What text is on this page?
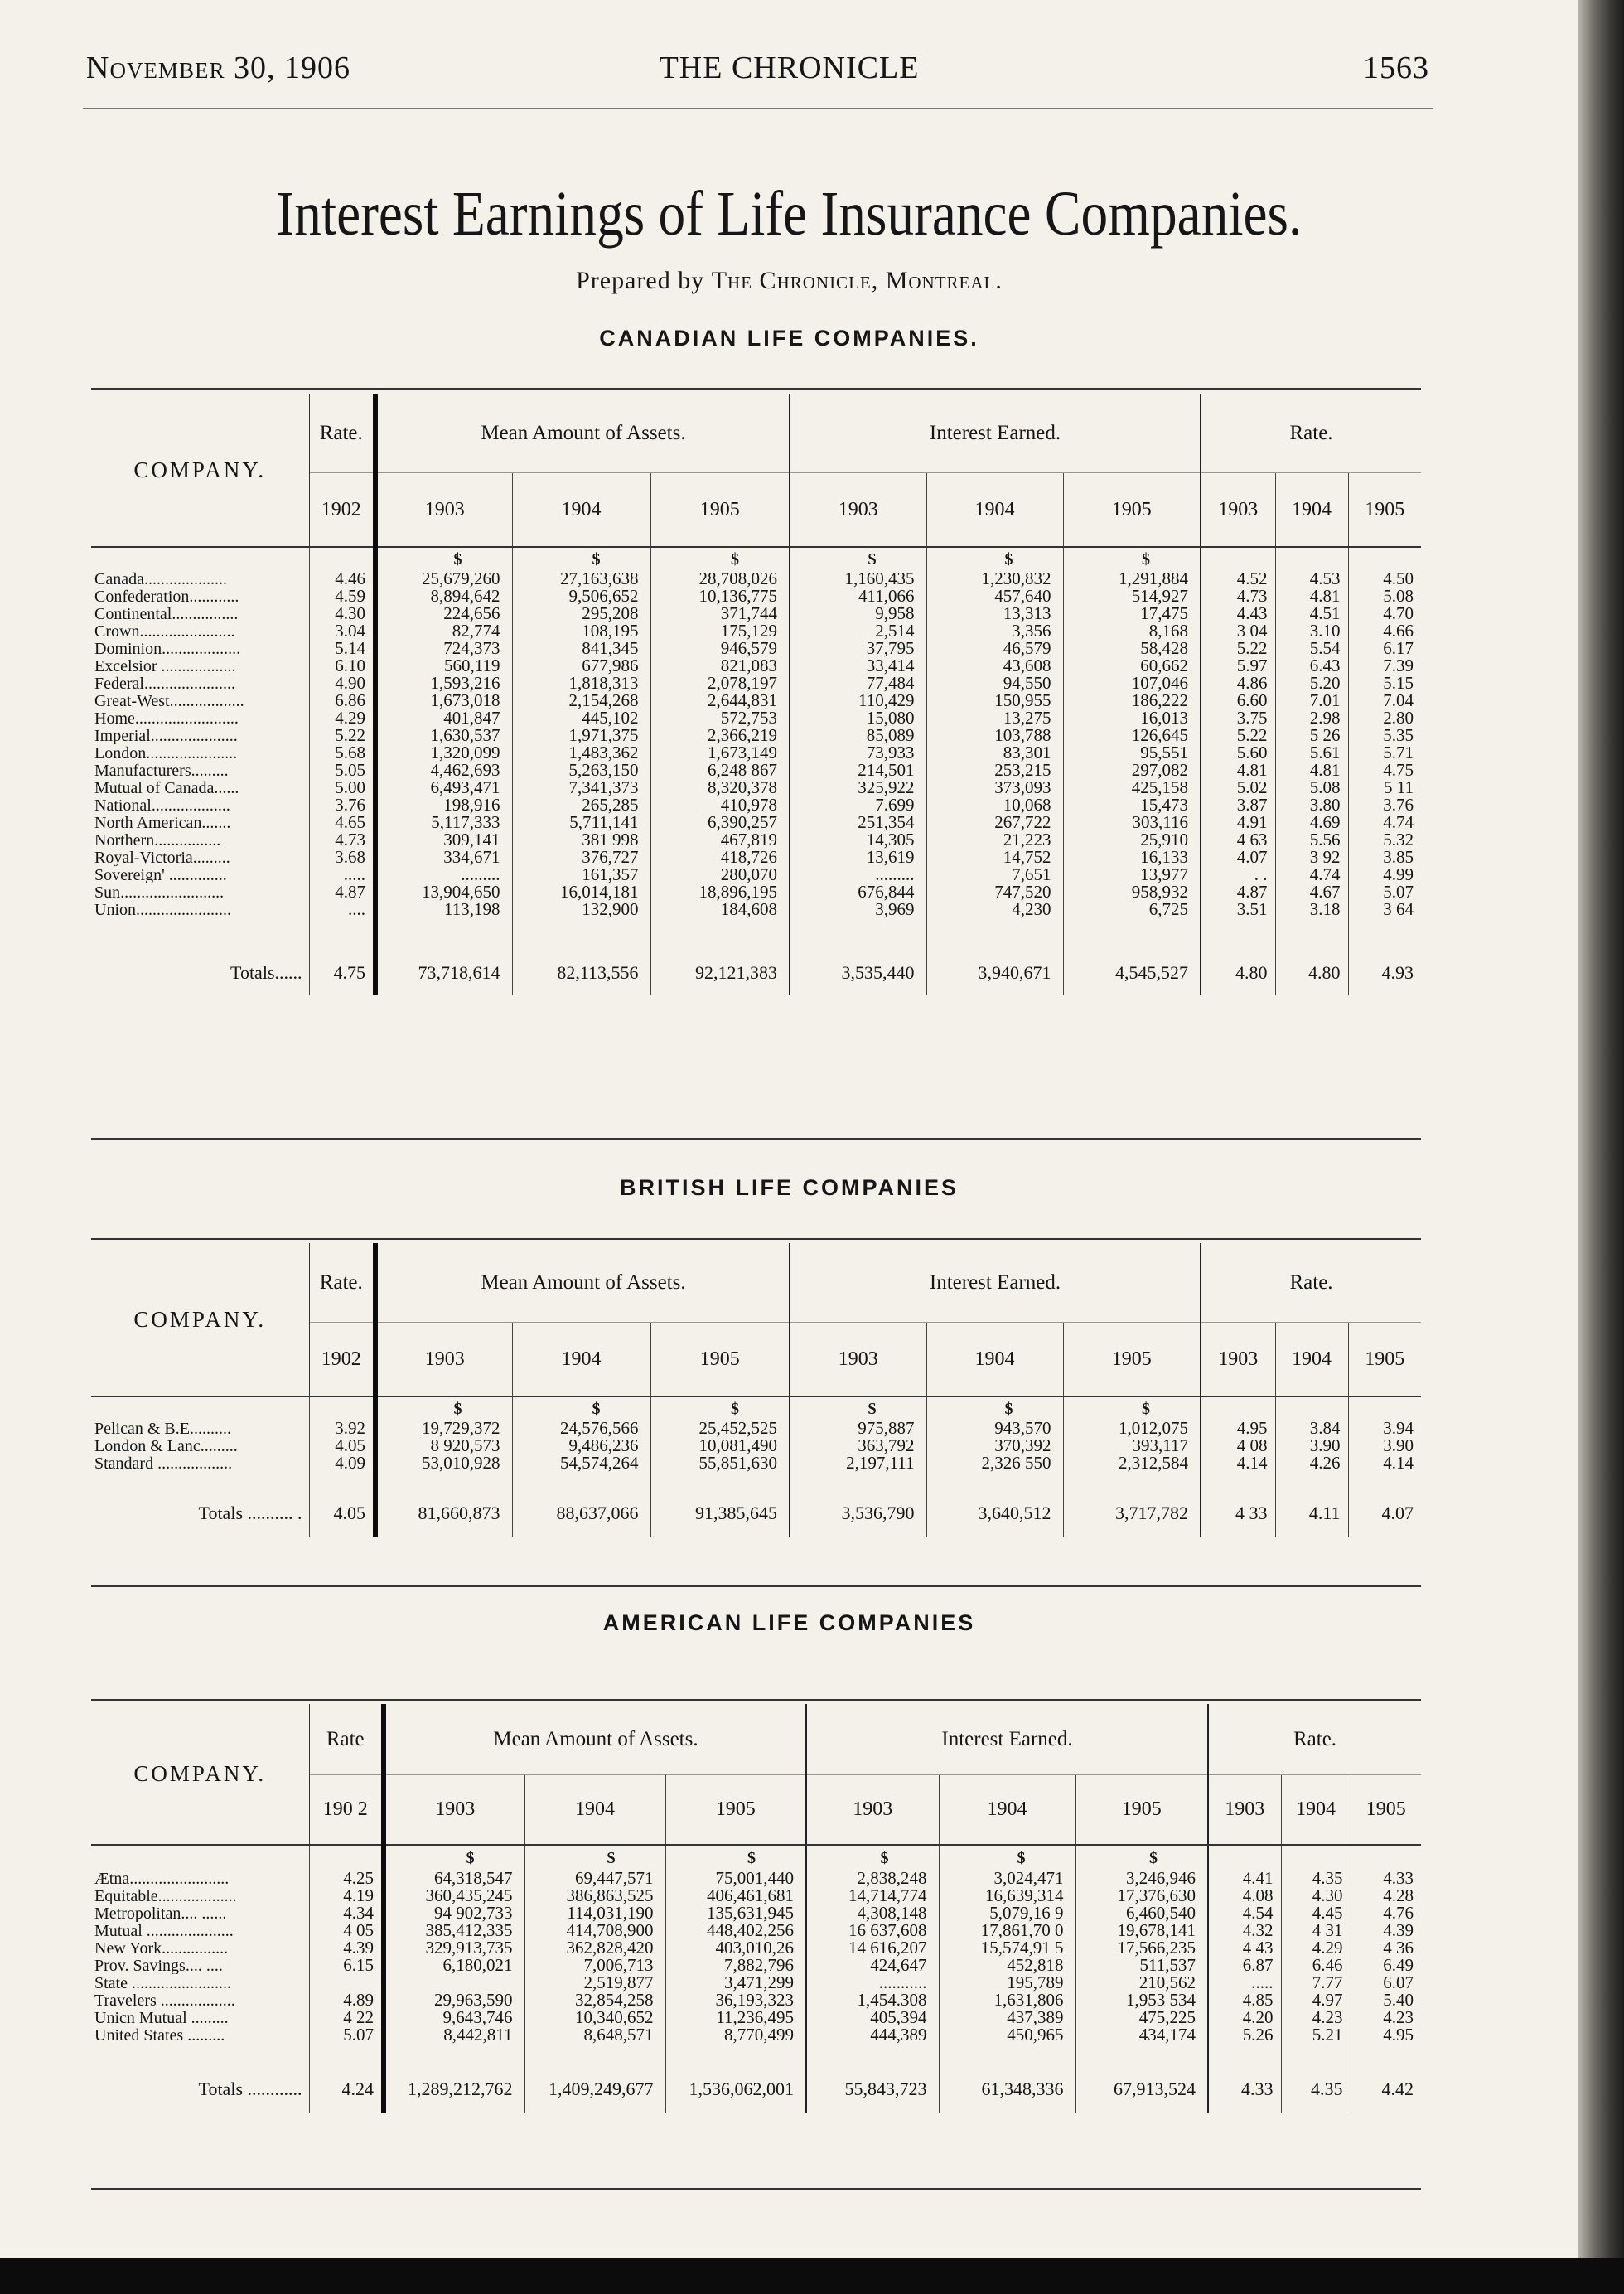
November 30, 1906	THE CHRONICLE	1563
Interest Earnings of Life Insurance Companies.
Prepared by The Chronicle, Montreal.
CANADIAN LIFE COMPANIES.
COMPANY.	Rate.	Mean Amount of Assets.			Interest Earned.			Rate.		
	1902	1903	1904	1905	1903	1904	1905	1903	1904	1905
		$	$	$	$	$	$			
Canada....................	4.46	25,679,260	27,163,638	28,708,026	1,160,435	1,230,832	1,291,884	4.52	4.53	4.50
Confederation............	4.59	8,894,642	9,506,652	10,136,775	411,066	457,640	514,927	4.73	4.81	5.08
Continental................	4.30	224,656	295,208	371,744	9,958	13,313	17,475	4.43	4.51	4.70
Crown.......................	3.04	82,774	108,195	175,129	2,514	3,356	8,168	3 04	3.10	4.66
Dominion...................	5.14	724,373	841,345	946,579	37,795	46,579	58,428	5.22	5.54	6.17
Excelsior ..................	6.10	560,119	677,986	821,083	33,414	43,608	60,662	5.97	6.43	7.39
Federal......................	4.90	1,593,216	1,818,313	2,078,197	77,484	94,550	107,046	4.86	5.20	5.15
Great-West..................	6.86	1,673,018	2,154,268	2,644,831	110,429	150,955	186,222	6.60	7.01	7.04
Home.........................	4.29	401,847	445,102	572,753	15,080	13,275	16,013	3.75	2.98	2.80
Imperial.....................	5.22	1,630,537	1,971,375	2,366,219	85,089	103,788	126,645	5.22	5 26	5.35
London......................	5.68	1,320,099	1,483,362	1,673,149	73,933	83,301	95,551	5.60	5.61	5.71
Manufacturers.........	5.05	4,462,693	5,263,150	6,248 867	214,501	253,215	297,082	4.81	4.81	4.75
Mutual of Canada......	5.00	6,493,471	7,341,373	8,320,378	325,922	373,093	425,158	5.02	5.08	5 11
National...................	3.76	198,916	265,285	410,978	7.699	10,068	15,473	3.87	3.80	3.76
North American.......	4.65	5,117,333	5,711,141	6,390,257	251,354	267,722	303,116	4.91	4.69	4.74
Northern................	4.73	309,141	381 998	467,819	14,305	21,223	25,910	4 63	5.56	5.32
Royal-Victoria.........	3.68	334,671	376,727	418,726	13,619	14,752	16,133	4.07	3 92	3.85
Sovereign' ..............	.....	.........	161,357	280,070	.........	7,651	13,977	. .	4.74	4.99
Sun.........................	4.87	13,904,650	16,014,181	18,896,195	676,844	747,520	958,932	4.87	4.67	5.07
Union.......................	....	113,198	132,900	184,608	3,969	4,230	6,725	3.51	3.18	3 64

Totals......	4.75	73,718,614	82,113,556	92,121,383	3,535,440	3,940,671	4,545,527	4.80	4.80	4.93
BRITISH LIFE COMPANIES
COMPANY.	Rate.	Mean Amount of Assets.			Interest Earned.			Rate.		
	1902	1903	1904	1905	1903	1904	1905	1903	1904	1905
		$	$	$	$	$	$			
Pelican & B.E..........	3.92	19,729,372	24,576,566	25,452,525	975,887	943,570	1,012,075	4.95	3.84	3.94
London & Lanc.........	4.05	8 920,573	9,486,236	10,081,490	363,792	370,392	393,117	4 08	3.90	3.90
Standard ..................	4.09	53,010,928	54,574,264	55,851,630	2,197,111	2,326 550	2,312,584	4.14	4.26	4.14

Totals .......... .	4.05	81,660,873	88,637,066	91,385,645	3,536,790	3,640,512	3,717,782	4 33	4.11	4.07
AMERICAN LIFE COMPANIES
COMPANY.	Rate	Mean Amount of Assets.			Interest Earned.			Rate.		
	190 2	1903	1904	1905	1903	1904	1905	1903	1904	1905
		$	$	$	$	$	$			
Ætna........................	4.25	64,318,547	69,447,571	75,001,440	2,838,248	3,024,471	3,246,946	4.41	4.35	4.33
Equitable...................	4.19	360,435,245	386,863,525	406,461,681	14,714,774	16,639,314	17,376,630	4.08	4.30	4.28
Metropolitan.... ......	4.34	94 902,733	114,031,190	135,631,945	4,308,148	5,079,16 9	6,460,540	4.54	4.45	4.76
Mutual .....................	4 05	385,412,335	414,708,900	448,402,256	16 637,608	17,861,70 0	19,678,141	4.32	4 31	4.39
New York................	4.39	329,913,735	362,828,420	403,010,26	14 616,207	15,574,91 5	17,566,235	4 43	4.29	4 36
Prov. Savings.... ....	6.15	6,180,021	7,006,713	7,882,796	424,647	452,818	511,537	6.87	6.46	6.49
State ........................			2,519,877	3,471,299	...........	195,789	210,562	.....	7.77	6.07
Travelers ..................	4.89	29,963,590	32,854,258	36,193,323	1,454.308	1,631,806	1,953 534	4.85	4.97	5.40
Unicn Mutual .........	4 22	9,643,746	10,340,652	11,236,495	405,394	437,389	475,225	4.20	4.23	4.23
United States .........	5.07	8,442,811	8,648,571	8,770,499	444,389	450,965	434,174	5.26	5.21	4.95

Totals ............	4.24	1,289,212,762	1,409,249,677	1,536,062,001	55,843,723	61,348,336	67,913,524	4.33	4.35	4.42
